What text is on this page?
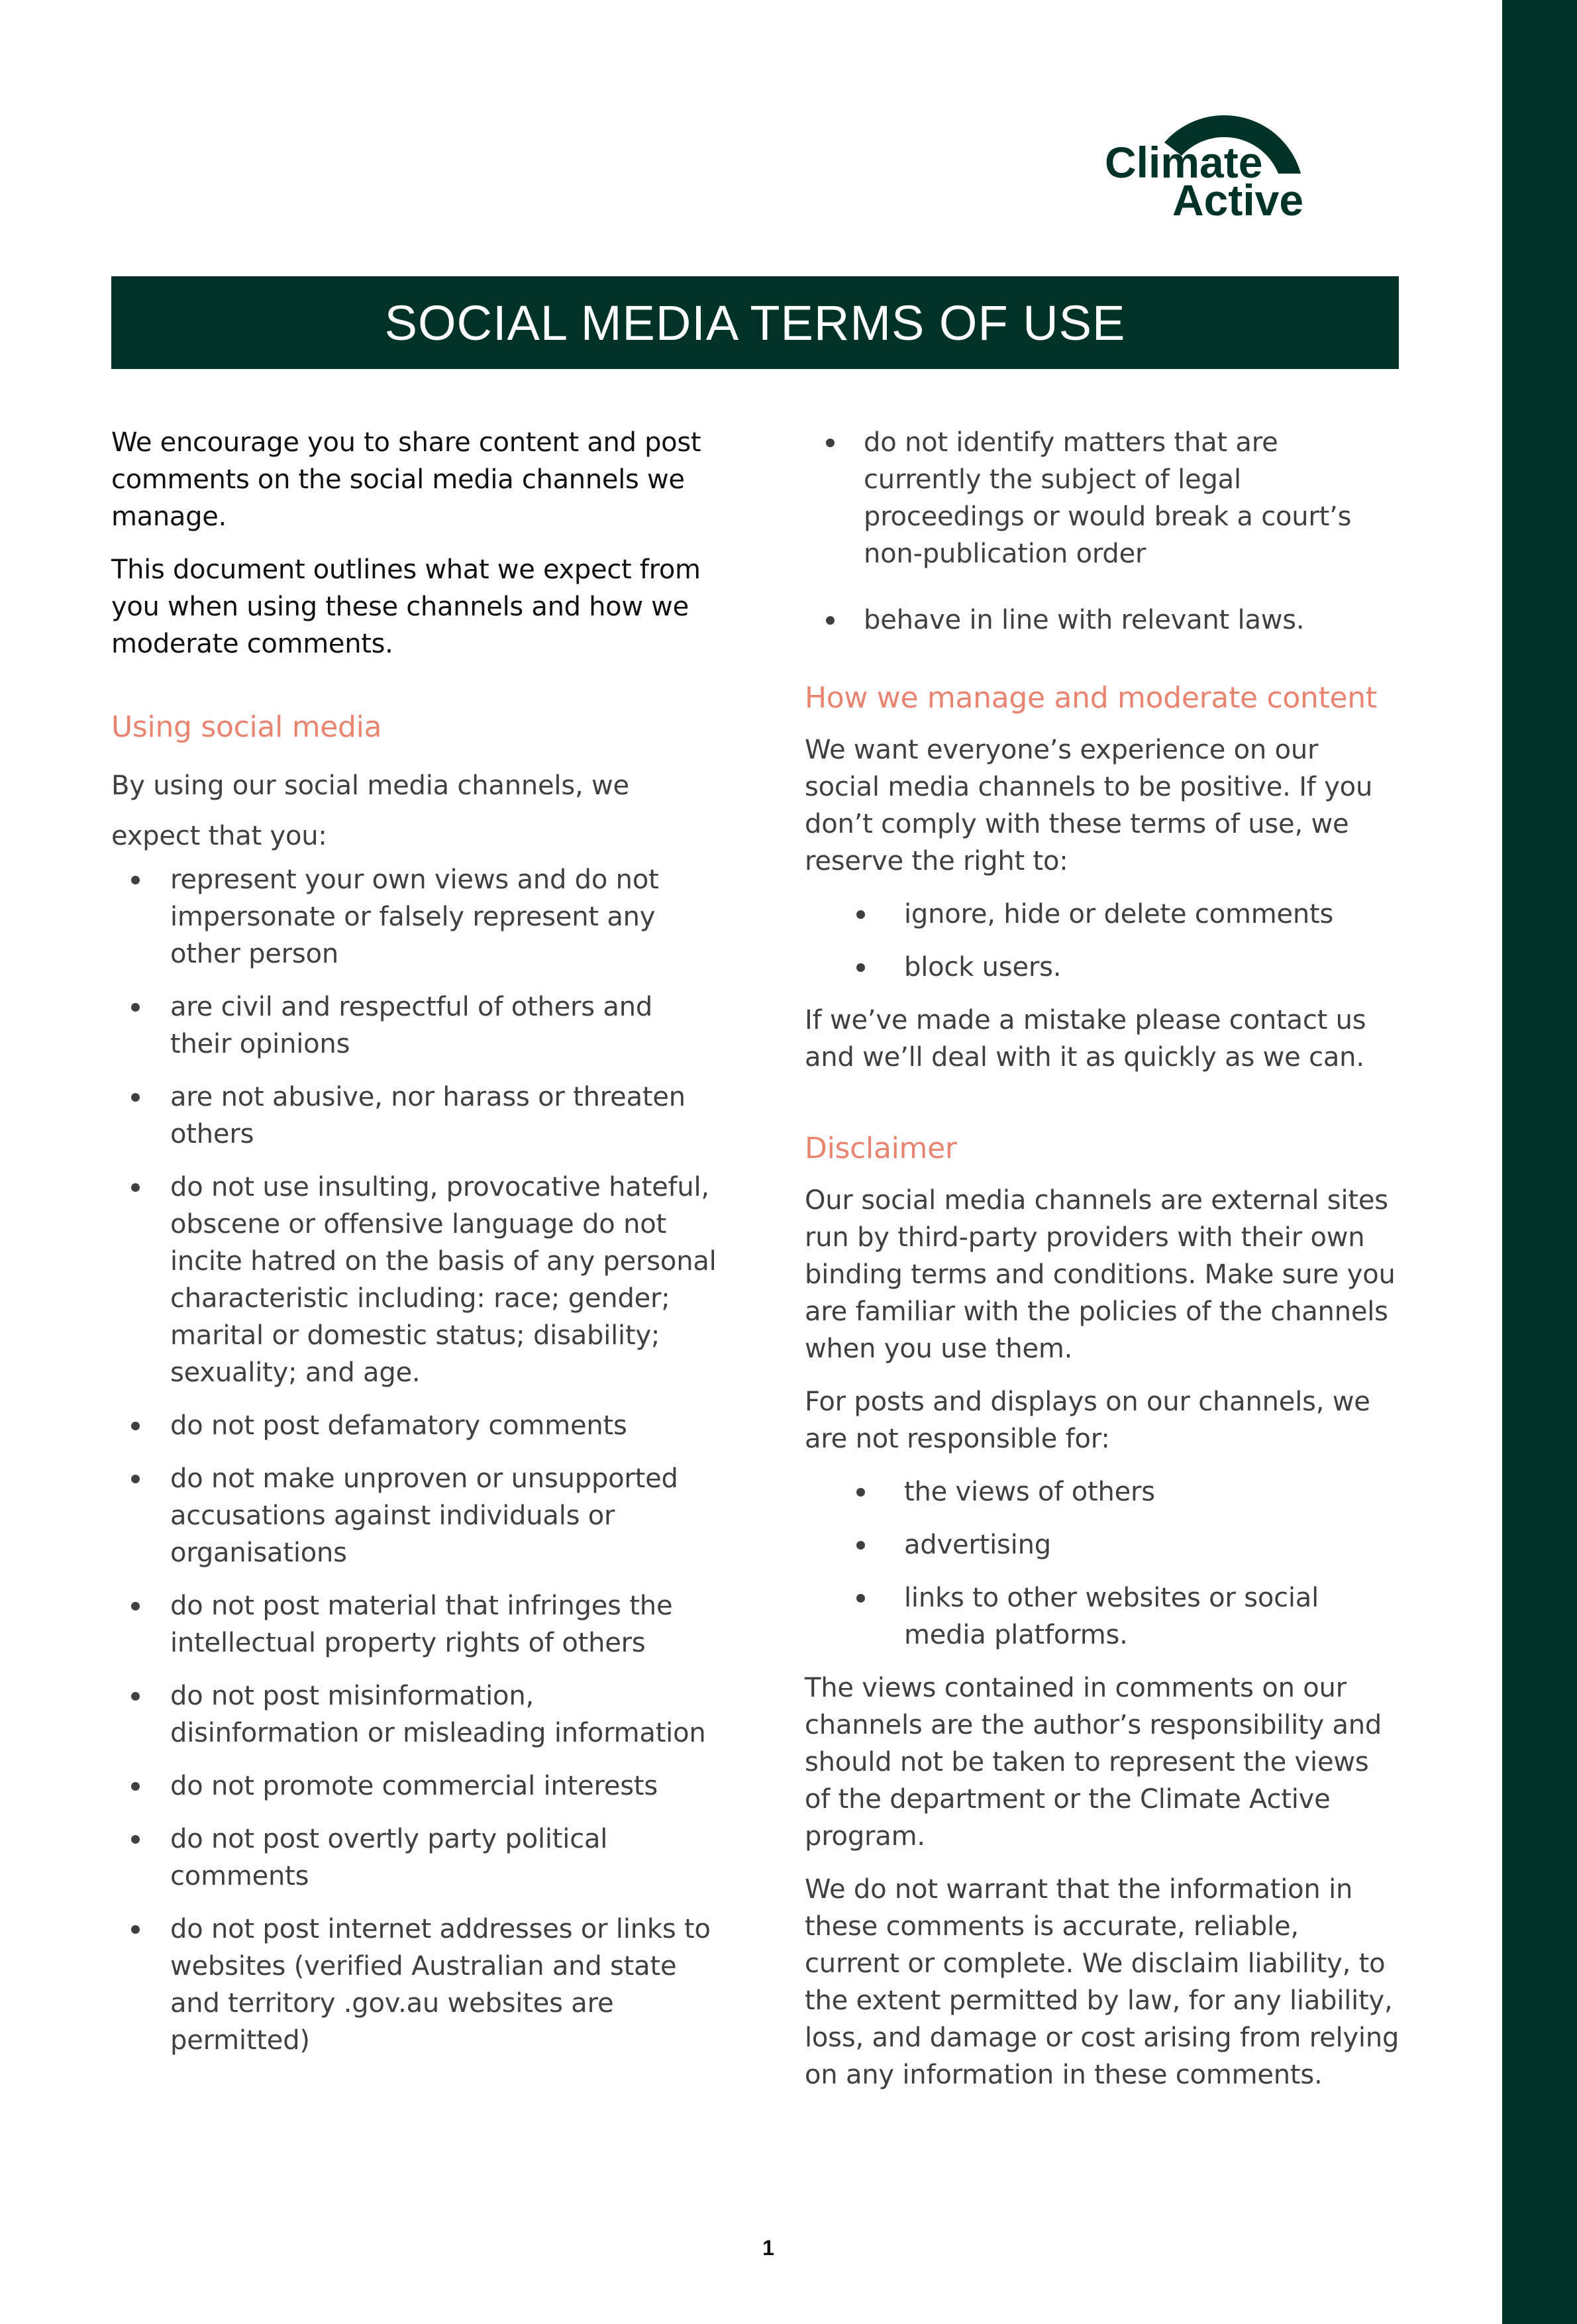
Climate
Active
SOCIAL MEDIA TERMS OF USE

We encourage you to share content and post comments on the social media channels we manage.

This document outlines what we expect from you when using these channels and how we moderate comments.

Using social media

By using our social media channels, we expect that you:

represent your own views and do not impersonate or falsely represent any other person
are civil and respectful of others and their opinions
are not abusive, nor harass or threaten others
do not use insulting, provocative hateful, obscene or offensive language do not incite hatred on the basis of any personal characteristic including: race; gender; marital or domestic status; disability; sexuality; and age.
do not post defamatory comments
do not make unproven or unsupported accusations against individuals or organisations
do not post material that infringes the intellectual property rights of others
do not post misinformation, disinformation or misleading information
do not promote commercial interests
do not post overtly party political comments
do not post internet addresses or links to websites (verified Australian and state and territory .gov.au websites are permitted)
do not identify matters that are currently the subject of legal proceedings or would break a court’s non-publication order
behave in line with relevant laws.
How we manage and moderate content

We want everyone’s experience on our social media channels to be positive. If you don’t comply with these terms of use, we reserve the right to:

ignore, hide or delete comments
block users.

If we’ve made a mistake please contact us and we’ll deal with it as quickly as we can.

Disclaimer

Our social media channels are external sites run by third-party providers with their own binding terms and conditions. Make sure you are familiar with the policies of the channels when you use them.

For posts and displays on our channels, we are not responsible for:

the views of others
advertising
links to other websites or social media platforms.

The views contained in comments on our channels are the author’s responsibility and should not be taken to represent the views of the department or the Climate Active program.

We do not warrant that the information in these comments is accurate, reliable, current or complete. We disclaim liability, to the extent permitted by law, for any liability, loss, and damage or cost arising from relying on any information in these comments.

1
